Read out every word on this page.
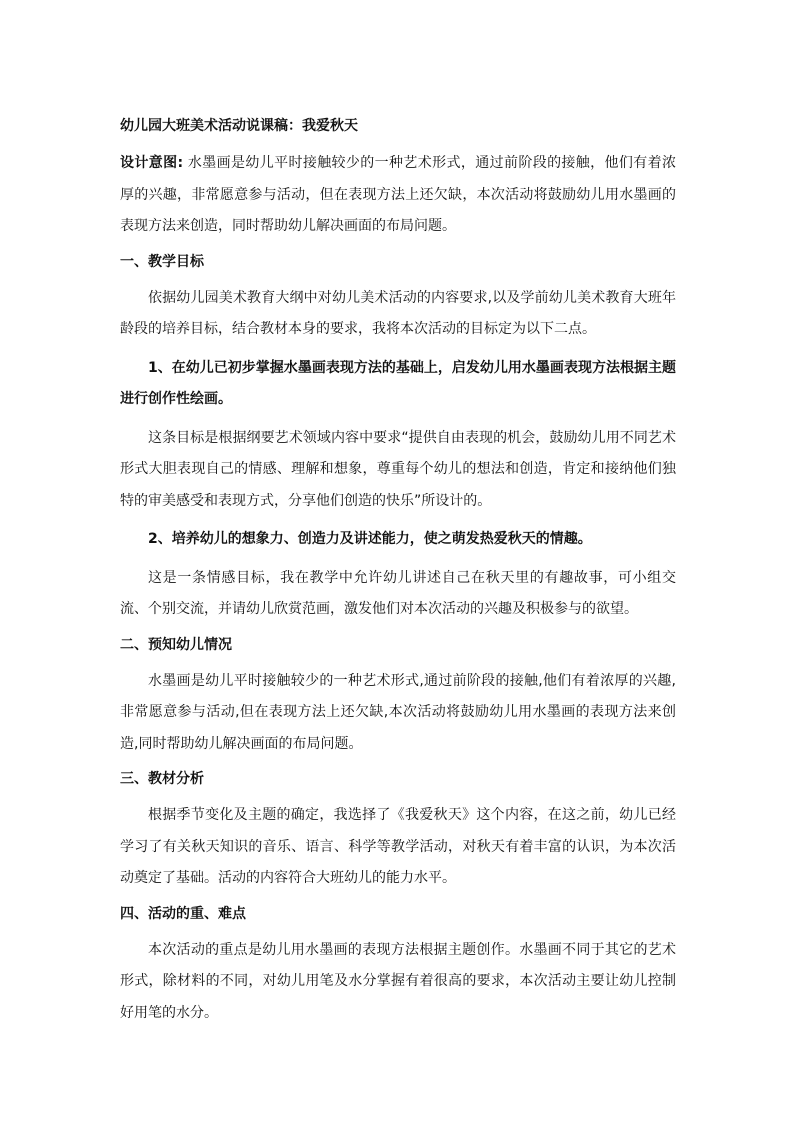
幼儿园大班美术活动说课稿：我爱秋天

设计意图: 水墨画是幼儿平时接触较少的一种艺术形式，通过前阶段的接触，他们有着浓厚的兴趣，非常愿意参与活动，但在表现方法上还欠缺，本次活动将鼓励幼儿用水墨画的表现方法来创造，同时帮助幼儿解决画面的布局问题。

一、教学目标

依据幼儿园美术教育大纲中对幼儿美术活动的内容要求,以及学前幼儿美术教育大班年龄段的培养目标，结合教材本身的要求，我将本次活动的目标定为以下二点。

1、在幼儿已初步掌握水墨画表现方法的基础上，启发幼儿用水墨画表现方法根据主题进行创作性绘画。

这条目标是根据纲要艺术领域内容中要求“提供自由表现的机会，鼓励幼儿用不同艺术形式大胆表现自己的情感、理解和想象，尊重每个幼儿的想法和创造，肯定和接纳他们独特的审美感受和表现方式，分享他们创造的快乐”所设计的。

2、培养幼儿的想象力、创造力及讲述能力，使之萌发热爱秋天的情趣。

这是一条情感目标，我在教学中允许幼儿讲述自己在秋天里的有趣故事，可小组交流、个别交流，并请幼儿欣赏范画，激发他们对本次活动的兴趣及积极参与的欲望。

二、预知幼儿情况

水墨画是幼儿平时接触较少的一种艺术形式,通过前阶段的接触,他们有着浓厚的兴趣,非常愿意参与活动,但在表现方法上还欠缺,本次活动将鼓励幼儿用水墨画的表现方法来创造,同时帮助幼儿解决画面的布局问题。

三、教材分析

根据季节变化及主题的确定，我选择了《我爱秋天》这个内容，在这之前，幼儿已经学习了有关秋天知识的音乐、语言、科学等教学活动，对秋天有着丰富的认识，为本次活动奠定了基础。活动的内容符合大班幼儿的能力水平。

四、活动的重、难点

本次活动的重点是幼儿用水墨画的表现方法根据主题创作。水墨画不同于其它的艺术形式，除材料的不同，对幼儿用笔及水分掌握有着很高的要求，本次活动主要让幼儿控制好用笔的水分。
